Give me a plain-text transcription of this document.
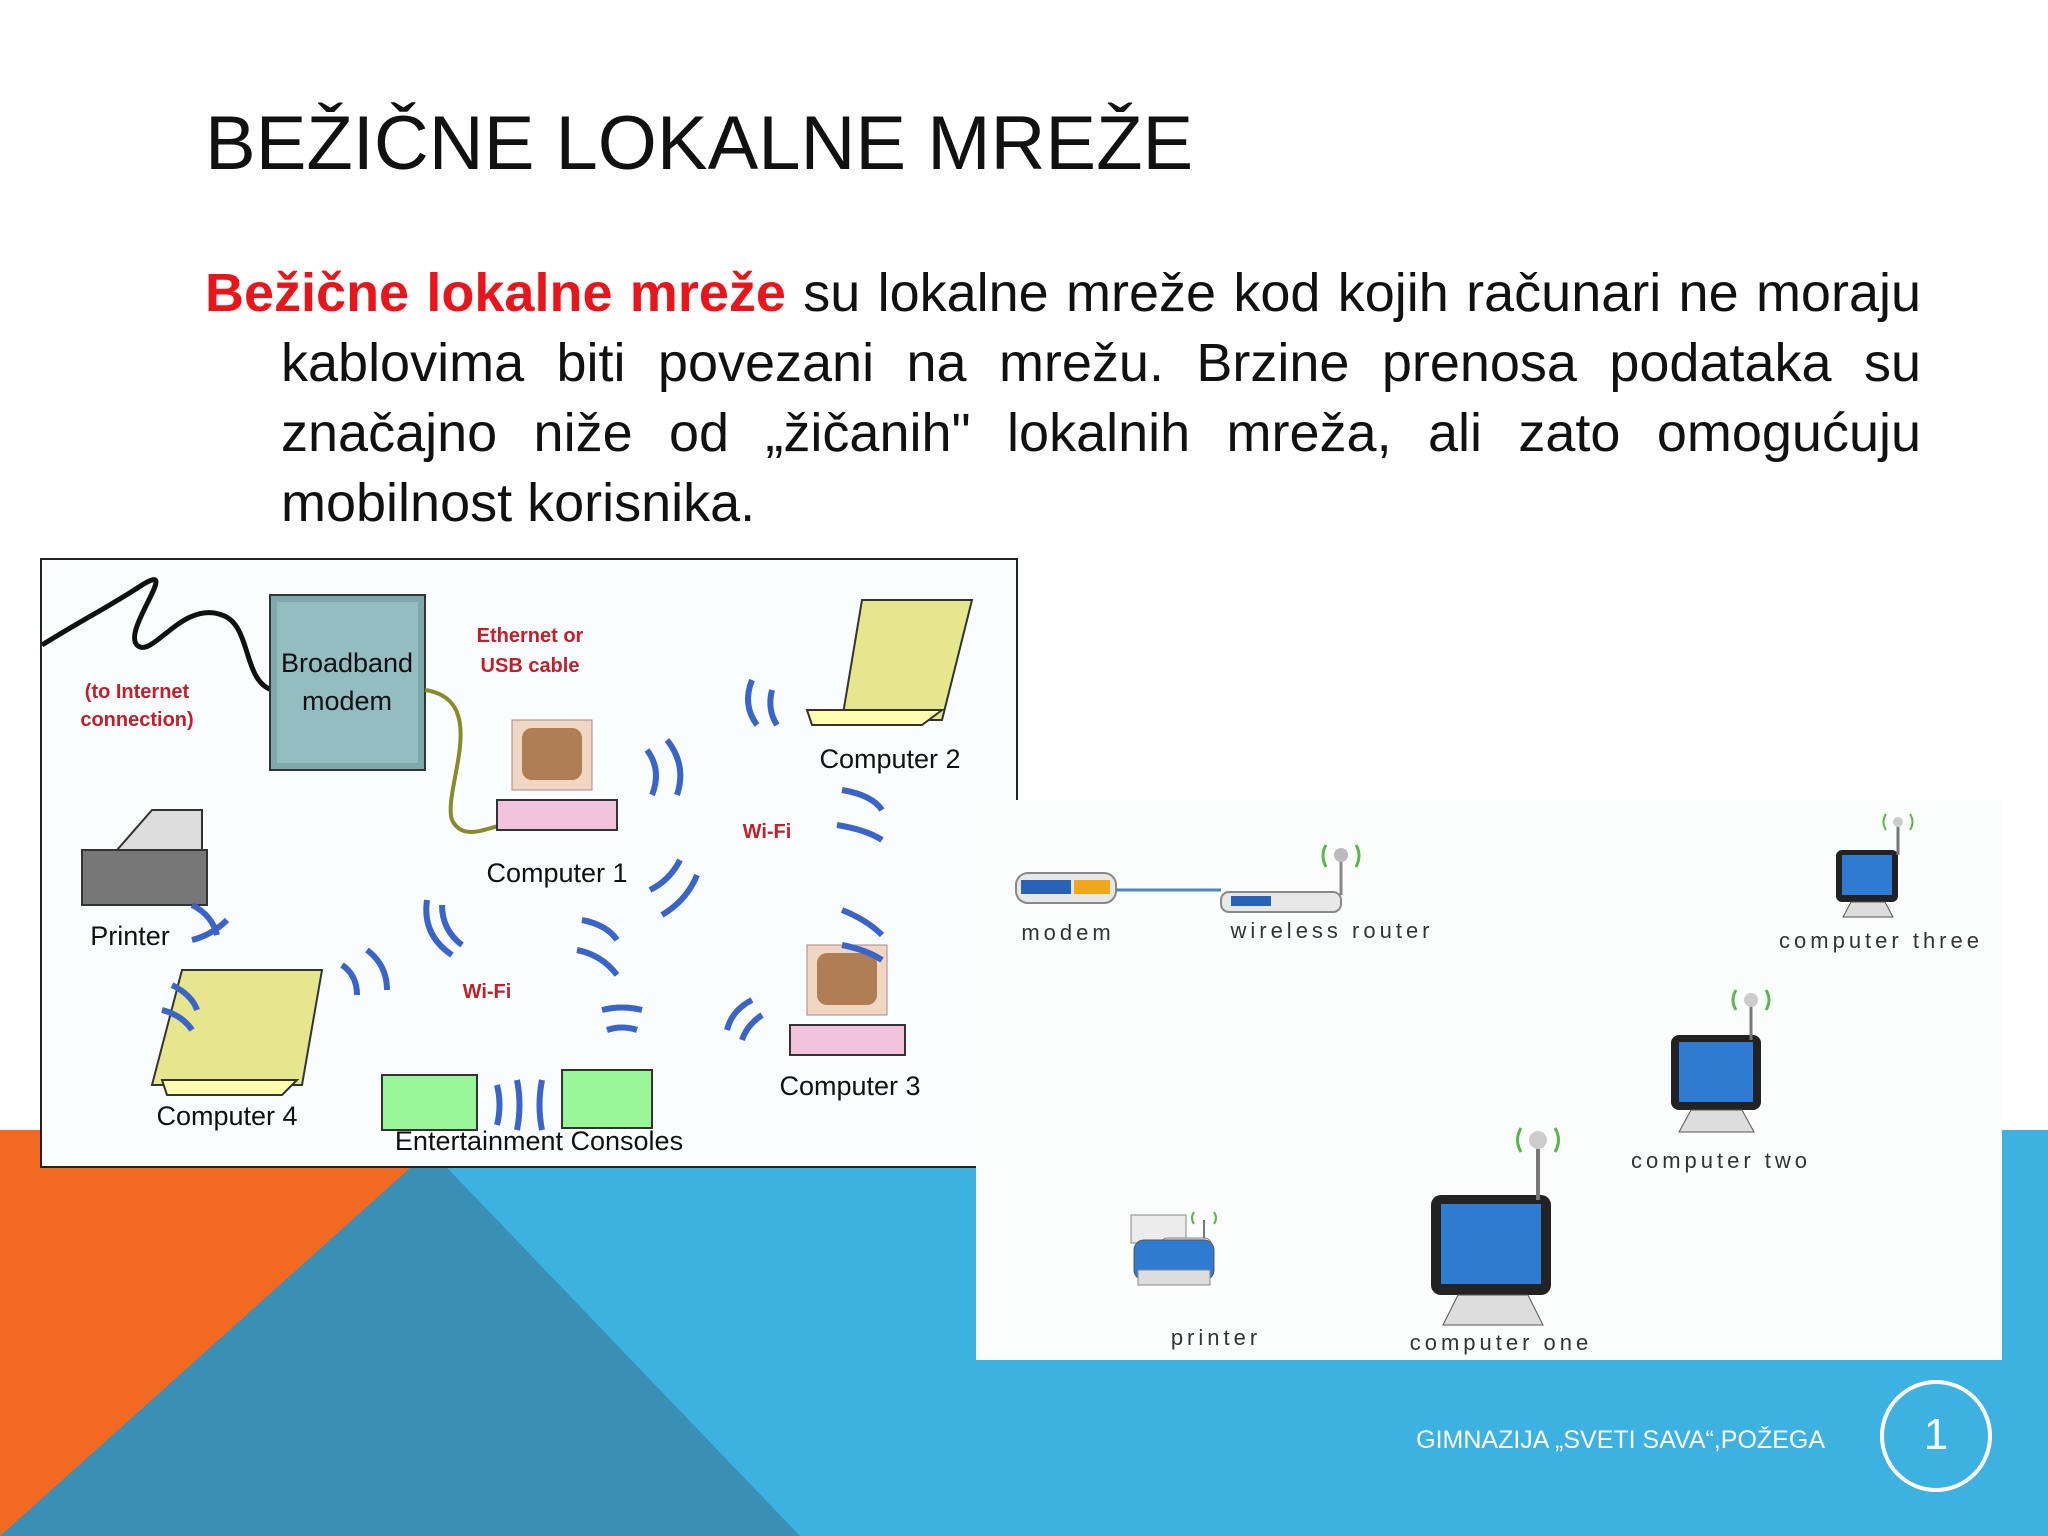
BEŽIČNE LOKALNE MREŽE
Bežične lokalne mreže su lokalne mreže kod kojih računari ne moraju kablovima biti povezani na mrežu. Brzine prenosa podataka su značajno niže od „žičanih" lokalnih mreža, ali zato omogućuju mobilnost korisnika.
Broadband
modem
(to Internet
connection)
Ethernet or
USB cable
Computer 1
Computer 2
Printer
Computer 3
Computer 4
Entertainment Consoles
Wi-Fi
Wi-Fi
modem	wireless router	computer three
computer two
computer one
printer
GIMNAZIJA „SVETI SAVA“,POŽEGA	1
